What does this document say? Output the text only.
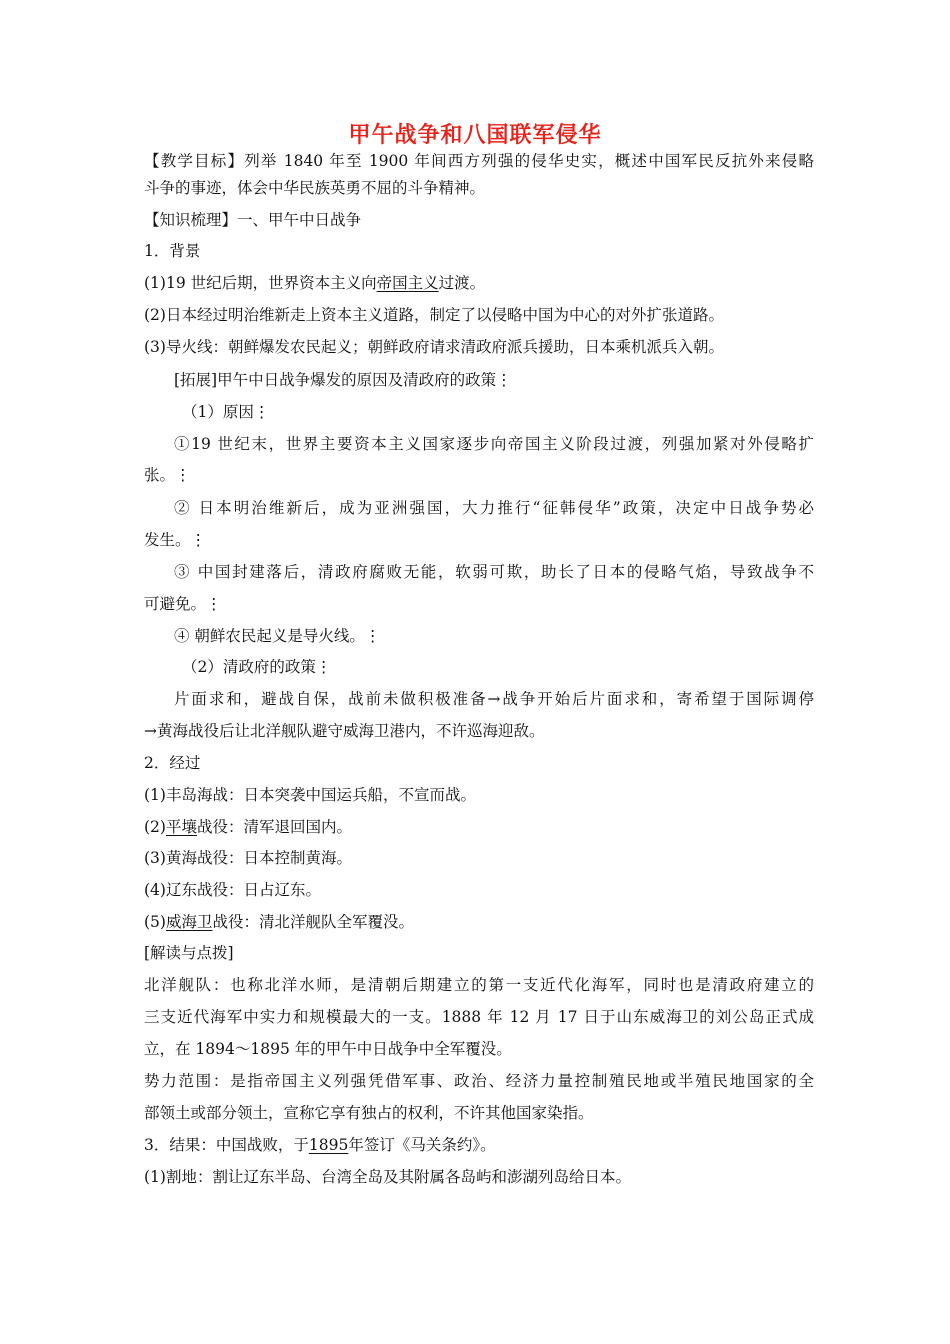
甲午战争和八国联军侵华
【教学目标】列举 1840 年至 1900 年间西方列强的侵华史实，概述中国军民反抗外来侵略
斗争的事迹，体会中华民族英勇不屈的斗争精神。
【知识梳理】一、甲午中日战争
1．背景
(1)19 世纪后期，世界资本主义向帝国主义过渡。
(2)日本经过明治维新走上资本主义道路，制定了以侵略中国为中心的对外扩张道路。
(3)导火线：朝鲜爆发农民起义；朝鲜政府请求清政府派兵援助，日本乘机派兵入朝。
[拓展]甲午中日战争爆发的原因及清政府的政策⋮
（1）原因⋮
①19 世纪末，世界主要资本主义国家逐步向帝国主义阶段过渡，列强加紧对外侵略扩
张。⋮
② 日本明治维新后，成为亚洲强国，大力推行“征韩侵华”政策，决定中日战争势必
发生。⋮
③ 中国封建落后，清政府腐败无能，软弱可欺，助长了日本的侵略气焰，导致战争不
可避免。⋮
④ 朝鲜农民起义是导火线。⋮
（2）清政府的政策⋮
片面求和，避战自保，战前未做积极准备→战争开始后片面求和，寄希望于国际调停
→黄海战役后让北洋舰队避守威海卫港内，不许巡海迎敌。
2．经过
(1)丰岛海战：日本突袭中国运兵船，不宣而战。
(2)平壤战役：清军退回国内。
(3)黄海战役：日本控制黄海。
(4)辽东战役：日占辽东。
(5)威海卫战役：清北洋舰队全军覆没。
[解读与点拨]
北洋舰队：也称北洋水师，是清朝后期建立的第一支近代化海军，同时也是清政府建立的
三支近代海军中实力和规模最大的一支。1888 年 12 月 17 日于山东威海卫的刘公岛正式成
立，在 1894～1895 年的甲午中日战争中全军覆没。
势力范围：是指帝国主义列强凭借军事、政治、经济力量控制殖民地或半殖民地国家的全
部领土或部分领土，宣称它享有独占的权利，不许其他国家染指。
3．结果：中国战败，于1895年签订《马关条约》。
(1)割地：割让辽东半岛、台湾全岛及其附属各岛屿和澎湖列岛给日本。
